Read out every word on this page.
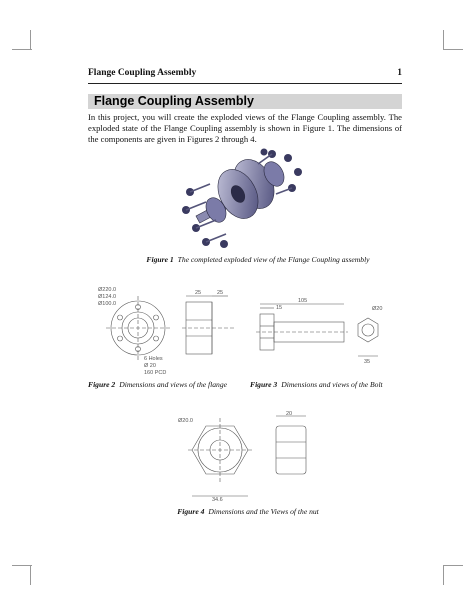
Flange Coupling Assembly	1
Flange Coupling Assembly
In this project, you will create the exploded views of the Flange Coupling assembly. The exploded state of the Flange Coupling assembly is shown in Figure 1. The dimensions of the components are given in Figures 2 through 4.
Figure 1 The completed exploded view of the Flange Coupling assembly
Ø220.0
Ø124.0
Ø100.0
6 Holes
Ø 20
160 PCD
25	25
Figure 2 Dimensions and views of the flange
105
15	Ø20
35
Figure 3 Dimensions and views of the Bolt
Ø20.0
34.6
20
Figure 4 Dimensions and the Views of the nut
